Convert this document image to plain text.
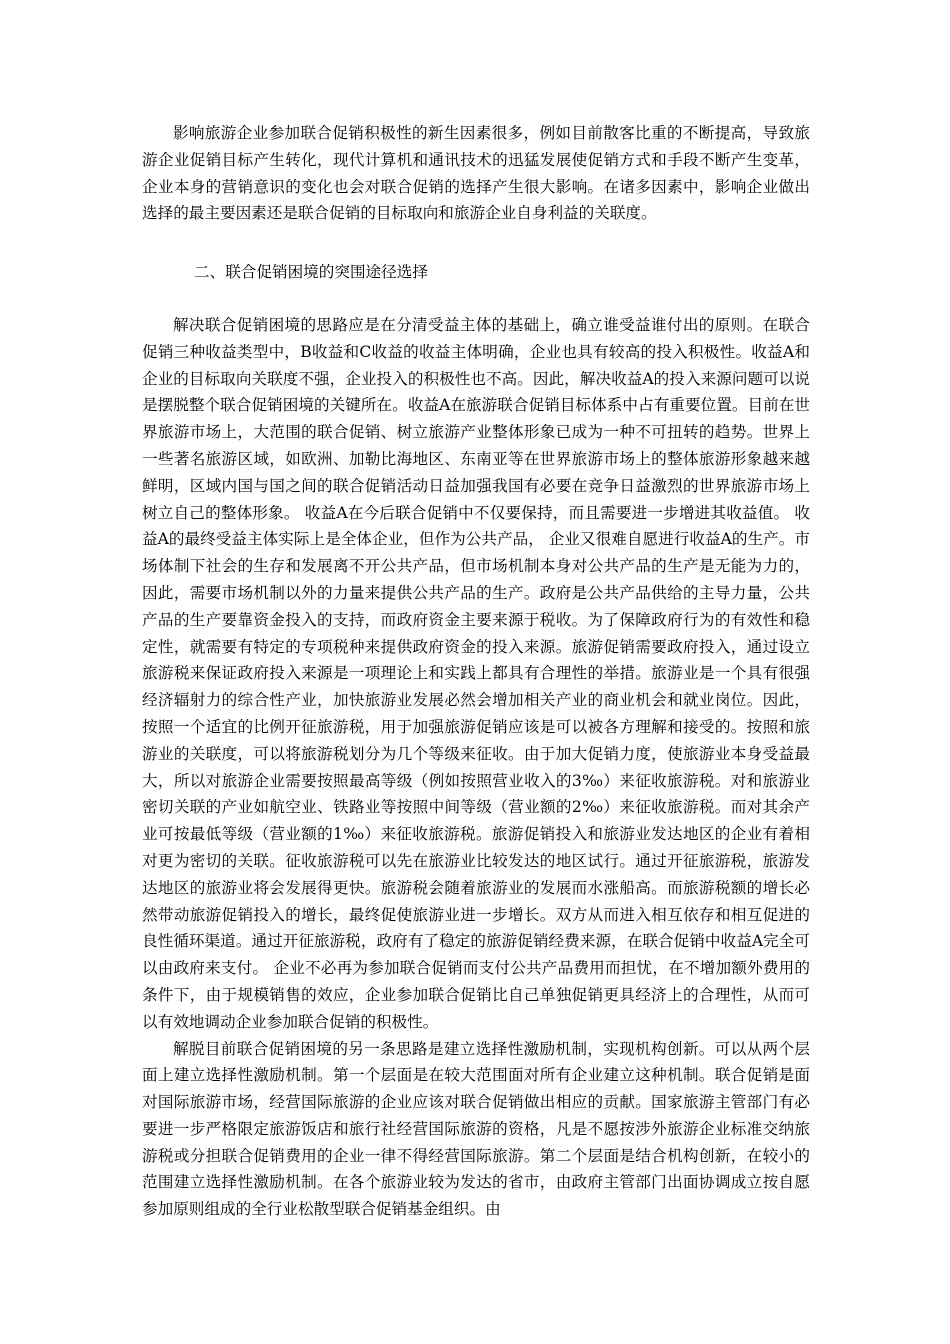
影响旅游企业参加联合促销积极性的新生因素很多，例如目前散客比重的不断提高，导致旅游企业促销目标产生转化，现代计算机和通讯技术的迅猛发展使促销方式和手段不断产生变革，企业本身的营销意识的变化也会对联合促销的选择产生很大影响。在诸多因素中，影响企业做出选择的最主要因素还是联合促销的目标取向和旅游企业自身利益的关联度。

二、联合促销困境的突围途径选择

解决联合促销困境的思路应是在分清受益主体的基础上，确立谁受益谁付出的原则。在联合促销三种收益类型中，B收益和C收益的收益主体明确，企业也具有较高的投入积极性。收益A和企业的目标取向关联度不强，企业投入的积极性也不高。因此，解决收益A的投入来源问题可以说是摆脱整个联合促销困境的关键所在。收益A在旅游联合促销目标体系中占有重要位置。目前在世界旅游市场上，大范围的联合促销、树立旅游产业整体形象已成为一种不可扭转的趋势。世界上一些著名旅游区域，如欧洲、加勒比海地区、东南亚等在世界旅游市场上的整体旅游形象越来越鲜明，区域内国与国之间的联合促销活动日益加强我国有必要在竞争日益激烈的世界旅游市场上树立自己的整体形象。 收益A在今后联合促销中不仅要保持，而且需要进一步增进其收益值。 收益A的最终受益主体实际上是全体企业，但作为公共产品， 企业又很难自愿进行收益A的生产。市场体制下社会的生存和发展离不开公共产品，但市场机制本身对公共产品的生产是无能为力的，因此，需要市场机制以外的力量来提供公共产品的生产。政府是公共产品供给的主导力量，公共产品的生产要靠资金投入的支持，而政府资金主要来源于税收。为了保障政府行为的有效性和稳定性，就需要有特定的专项税种来提供政府资金的投入来源。旅游促销需要政府投入，通过设立旅游税来保证政府投入来源是一项理论上和实践上都具有合理性的举措。旅游业是一个具有很强经济辐射力的综合性产业，加快旅游业发展必然会增加相关产业的商业机会和就业岗位。因此，按照一个适宜的比例开征旅游税，用于加强旅游促销应该是可以被各方理解和接受的。按照和旅游业的关联度，可以将旅游税划分为几个等级来征收。由于加大促销力度，使旅游业本身受益最大，所以对旅游企业需要按照最高等级（例如按照营业收入的3‰）来征收旅游税。对和旅游业密切关联的产业如航空业、铁路业等按照中间等级（营业额的2‰）来征收旅游税。而对其余产业可按最低等级（营业额的1‰）来征收旅游税。旅游促销投入和旅游业发达地区的企业有着相对更为密切的关联。征收旅游税可以先在旅游业比较发达的地区试行。通过开征旅游税，旅游发达地区的旅游业将会发展得更快。旅游税会随着旅游业的发展而水涨船高。而旅游税额的增长必然带动旅游促销投入的增长，最终促使旅游业进一步增长。双方从而进入相互依存和相互促进的良性循环渠道。通过开征旅游税，政府有了稳定的旅游促销经费来源，在联合促销中收益A完全可以由政府来支付。 企业不必再为参加联合促销而支付公共产品费用而担忧，在不增加额外费用的条件下，由于规模销售的效应，企业参加联合促销比自己单独促销更具经济上的合理性，从而可以有效地调动企业参加联合促销的积极性。

解脱目前联合促销困境的另一条思路是建立选择性激励机制，实现机构创新。可以从两个层面上建立选择性激励机制。第一个层面是在较大范围面对所有企业建立这种机制。联合促销是面对国际旅游市场，经营国际旅游的企业应该对联合促销做出相应的贡献。国家旅游主管部门有必要进一步严格限定旅游饭店和旅行社经营国际旅游的资格，凡是不愿按涉外旅游企业标准交纳旅游税或分担联合促销费用的企业一律不得经营国际旅游。第二个层面是结合机构创新，在较小的范围建立选择性激励机制。在各个旅游业较为发达的省市，由政府主管部门出面协调成立按自愿参加原则组成的全行业松散型联合促销基金组织。由
